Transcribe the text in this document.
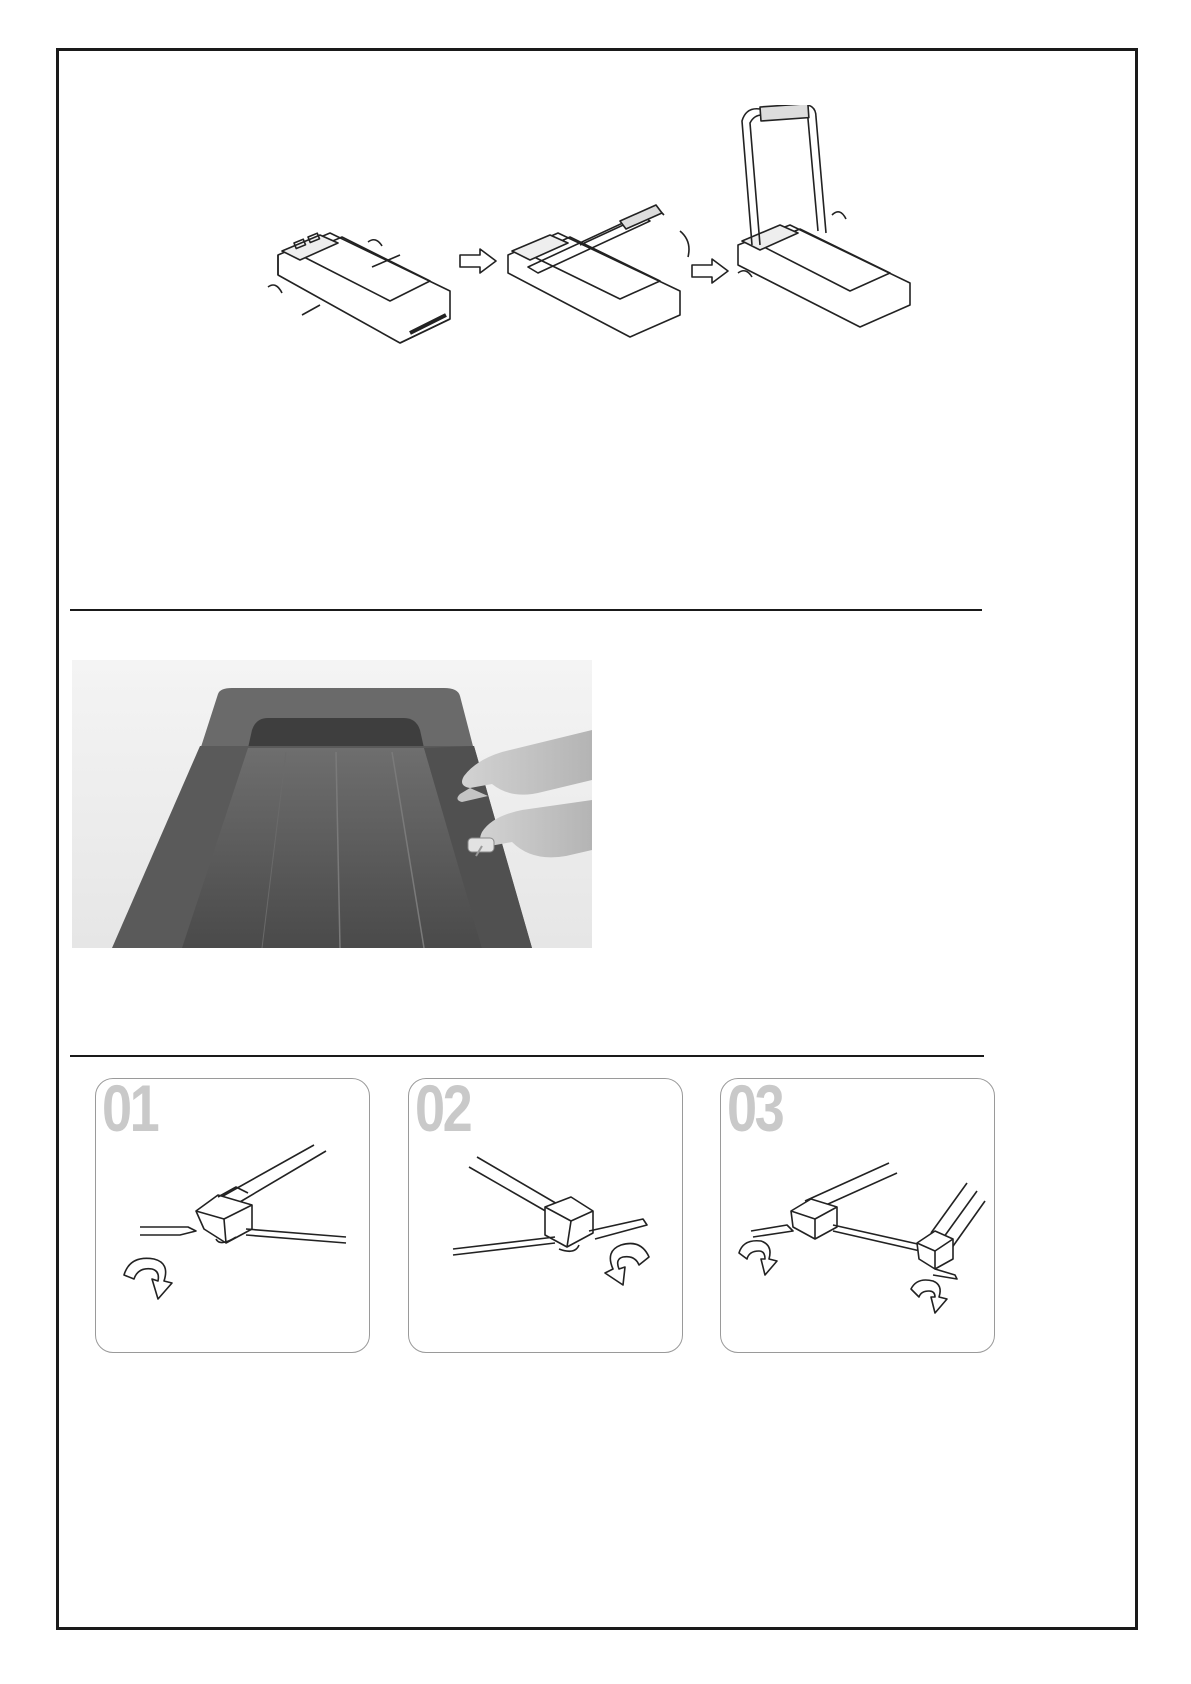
01	02	03
